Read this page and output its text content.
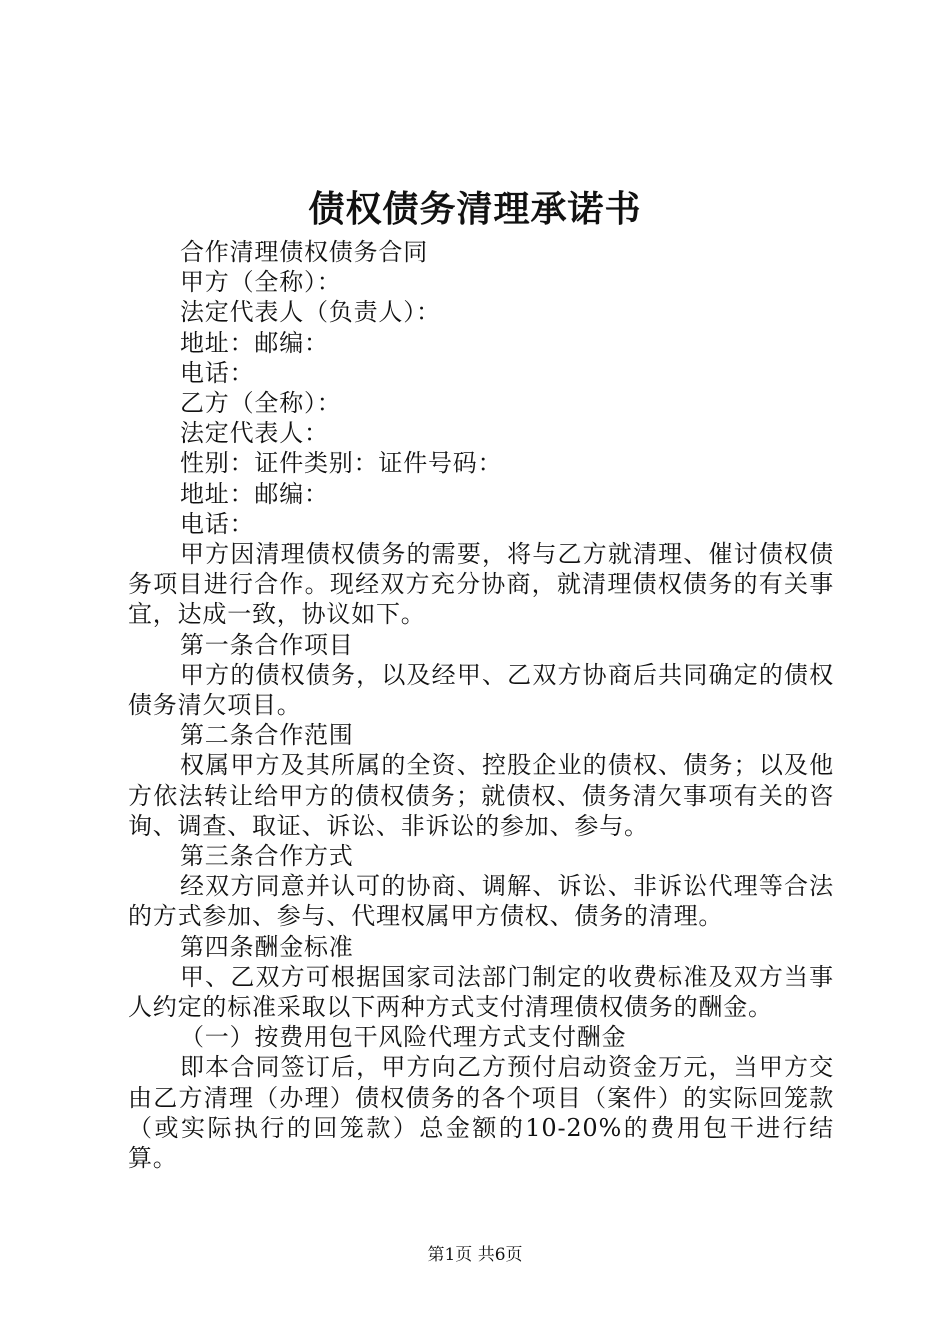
债权债务清理承诺书

合作清理债权债务合同

甲方（全称）：

法定代表人（负责人）：

地址：邮编：

电话：

乙方（全称）：

法定代表人：

性别：证件类别：证件号码：

地址：邮编：

电话：

甲方因清理债权债务的需要，将与乙方就清理、催讨债权债务项目进行合作。现经双方充分协商，就清理债权债务的有关事宜，达成一致，协议如下。

第一条合作项目

甲方的债权债务，以及经甲、乙双方协商后共同确定的债权债务清欠项目。

第二条合作范围

权属甲方及其所属的全资、控股企业的债权、债务；以及他方依法转让给甲方的债权债务；就债权、债务清欠事项有关的咨询、调查、取证、诉讼、非诉讼的参加、参与。

第三条合作方式

经双方同意并认可的协商、调解、诉讼、非诉讼代理等合法的方式参加、参与、代理权属甲方债权、债务的清理。

第四条酬金标准

甲、乙双方可根据国家司法部门制定的收费标准及双方当事人约定的标准采取以下两种方式支付清理债权债务的酬金。

（一）按费用包干风险代理方式支付酬金

即本合同签订后，甲方向乙方预付启动资金万元，当甲方交由乙方清理（办理）债权债务的各个项目（案件）的实际回笼款（或实际执行的回笼款）总金额的10-20%的费用包干进行结算。

第1页 共6页
